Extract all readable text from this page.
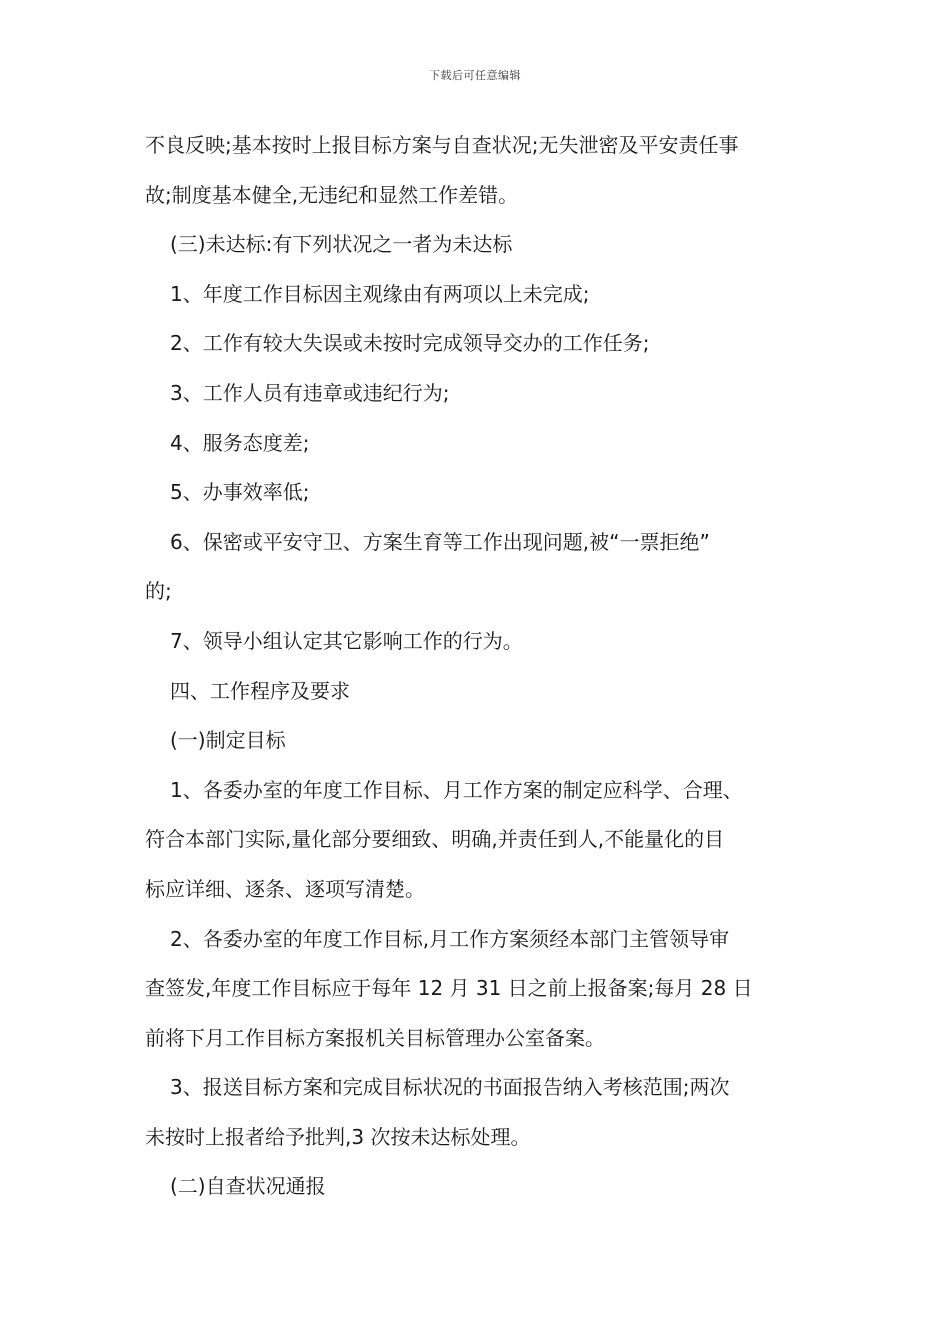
下载后可任意编辑
不良反映;基本按时上报目标方案与自查状况;无失泄密及平安责任事
故;制度基本健全,无违纪和显然工作差错。
(三)未达标:有下列状况之一者为未达标
1、年度工作目标因主观缘由有两项以上未完成;
2、工作有较大失误或未按时完成领导交办的工作任务;
3、工作人员有违章或违纪行为;
4、服务态度差;
5、办事效率低;
6、保密或平安守卫、方案生育等工作出现问题,被“一票拒绝”
的;
7、领导小组认定其它影响工作的行为。
四、工作程序及要求
(一)制定目标
1、各委办室的年度工作目标、月工作方案的制定应科学、合理、
符合本部门实际,量化部分要细致、明确,并责任到人,不能量化的目
标应详细、逐条、逐项写清楚。
2、各委办室的年度工作目标,月工作方案须经本部门主管领导审
查签发,年度工作目标应于每年 12 月 31 日之前上报备案;每月 28 日
前将下月工作目标方案报机关目标管理办公室备案。
3、报送目标方案和完成目标状况的书面报告纳入考核范围;两次
未按时上报者给予批判,3 次按未达标处理。
(二)自查状况通报
